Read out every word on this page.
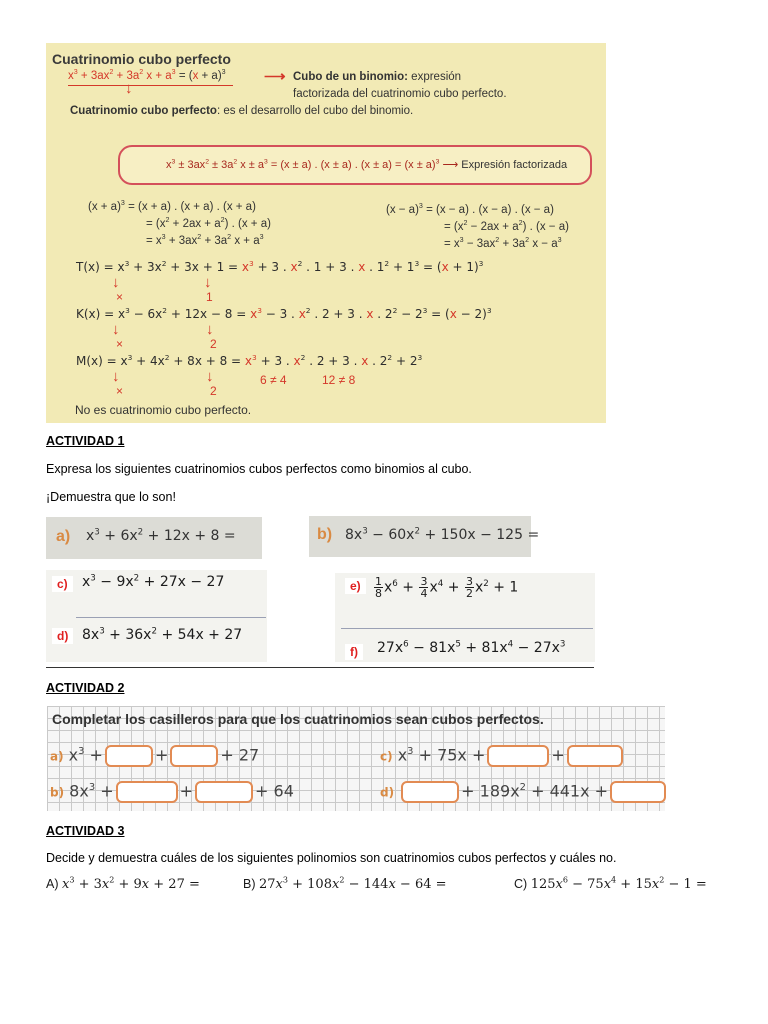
Cuatrinomio cubo perfecto
$x^3 + 3ax^2 + 3a^2$ $x + a^3 = (x + a)^3$
↓
⟶ Cubo de un binomio: expresión
factorizada del cuatrinomio cubo perfecto.
Cuatrinomio cubo perfecto: es el desarrollo del cubo del binomio.
$x^3 \pm 3ax^2 \pm 3a^2$ $x \pm a^3 = (x \pm a)$ . (x ± a) . $(x \pm a) = (x \pm a)^3$ ⟶ Expresión factorizada
$(x + a)^3 = (x + a)$ . (x + a) . (x + a)
= $(x^2 + 2ax + a^2)$ . (x + a)
= $x^3 + 3ax^2 + 3a^2$ $x + a^3$
$(x - a)^3 = (x - a)$ . (x − a) . (x − a)
= $(x^2 - 2ax + a^2)$ . (x − a)
= $x^3 - 3ax^2 + 3a^2$ $x - a^3$
$T(x) = x^3 + 3x^2 + 3x + 1 = x^3 + 3$ . $x^2$ . 1 + 3 . x . $1^2 + 1^3 = (x + 1)^3$
↓	↓
×	1
$K(x) = x^3 - 6x^2 + 12x - 8 = x^3 - 3$ . $x^2$ . 2 + 3 . x . $2^2 - 2^3 = (x - 2)^3$
↓	↓
×	2
$M(x) = x^3 + 4x^2 + 8x + 8 = x^3 + 3$ . $x^2$ . 2 + 3 . x . $2^2 + 2^3$
↓	↓	6 ≠ 4	12 ≠ 8
×	2
No es cuatrinomio cubo perfecto.
ACTIVIDAD 1
Expresa los siguientes cuatrinomios cubos perfectos como binomios al cubo.
¡Demuestra que lo son!
a) $x^3 + 6x^2 + 12x + 8$ =	b) $8x^3 - 60x^2 + 150x - 125$ =
c)	$x^3 - 9x^2 + 27x - 27$
d) $8x^3 + 36x^2 + 54x + 27$
e)	$\frac{1}{8} x^6 + \frac{3}{4} x^4 + \frac{3}{2} x^2 + 1$
f)	$27x^6 - 81x^5 + 81x^4 - 27x^3$
ACTIVIDAD 2
Completar los casilleros para que los cuatrinomios sean cubos perfectos.
a) $x^3$ +	+	+ 27
b) $8x^3$ +	+	+ 64
c) $x^3 + 75x$ +	+
d)	+ $189x^2 + 441x$ +
ACTIVIDAD 3
Decide y demuestra cuáles de los siguientes polinomios son cuatrinomios cubos perfectos y cuáles no.
A) $x^3 + 3x^2 + 9x + 27$ =	B) $27x^3 + 108x^2 - 144x - 64$ =	C) $125x^6 - 75x^4 + 15x^2 - 1$ =
